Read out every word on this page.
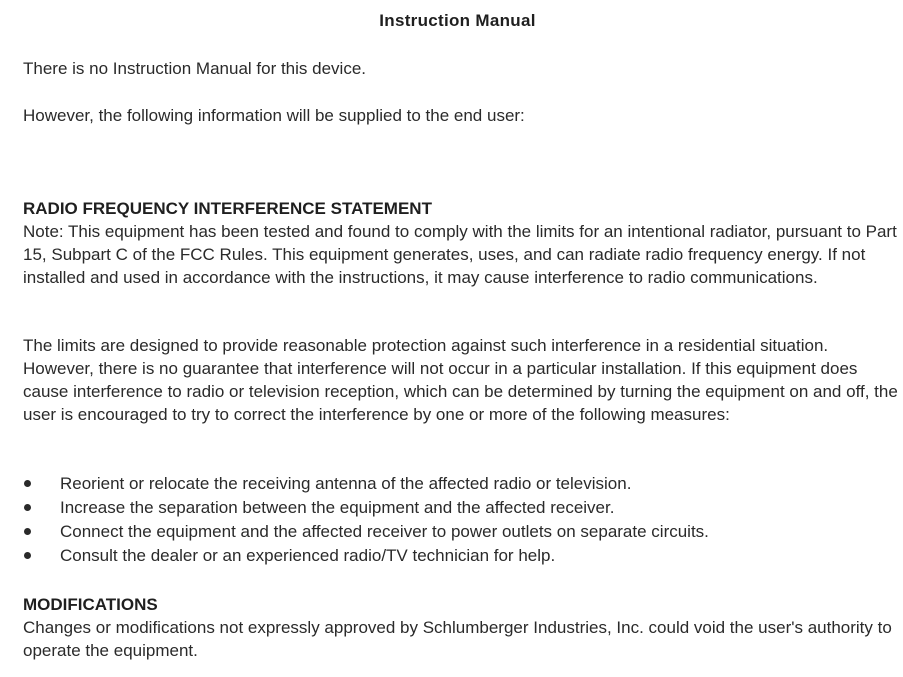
Instruction Manual

There is no Instruction Manual for this device.

However, the following information will be supplied to the end user:

RADIO FREQUENCY INTERFERENCE STATEMENT
Note: This equipment has been tested and found to comply with the limits for an intentional radiator, pursuant to Part 15, Subpart C of the FCC Rules. This equipment generates, uses, and can radiate radio frequency energy. If not installed and used in accordance with the instructions, it may cause interference to radio communications.

The limits are designed to provide reasonable protection against such interference in a residential situation. However, there is no guarantee that interference will not occur in a particular installation. If this equipment does cause interference to radio or television reception, which can be determined by turning the equipment on and off, the user is encouraged to try to correct the interference by one or more of the following measures:

Reorient or relocate the receiving antenna of the affected radio or television.
Increase the separation between the equipment and the affected receiver.
Connect the equipment and the affected receiver to power outlets on separate circuits.
Consult the dealer or an experienced radio/TV technician for help.
MODIFICATIONS
Changes or modifications not expressly approved by Schlumberger Industries, Inc. could void the user's authority to operate the equipment.
